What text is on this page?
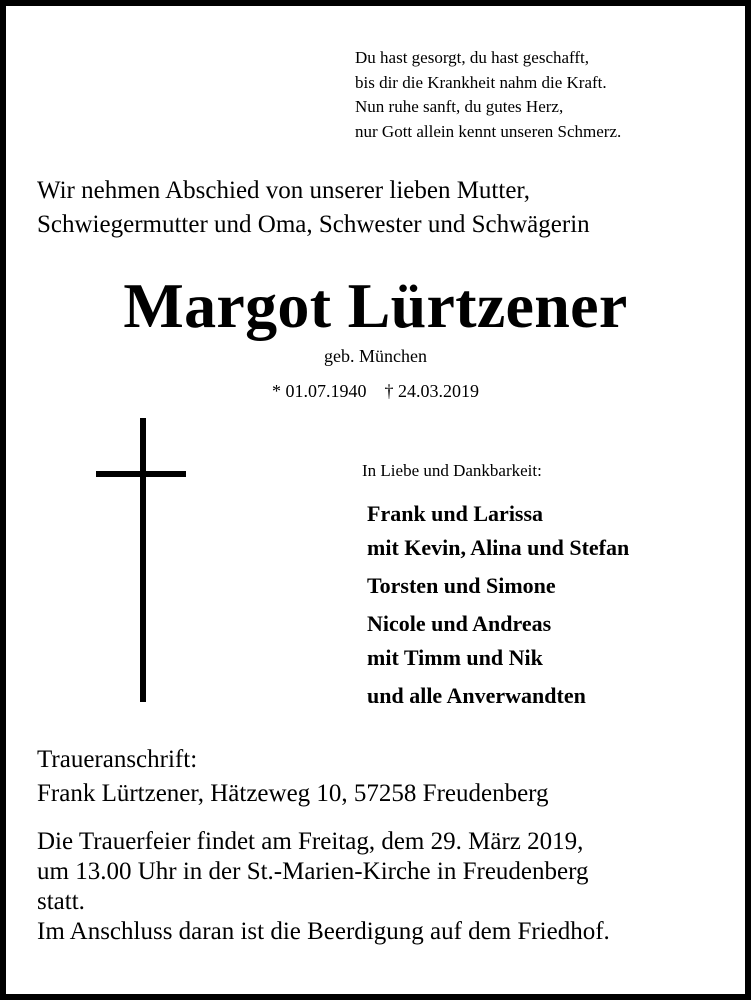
Du hast gesorgt, du hast geschafft,
bis dir die Krankheit nahm die Kraft.
Nun ruhe sanft, du gutes Herz,
nur Gott allein kennt unseren Schmerz.
Wir nehmen Abschied von unserer lieben Mutter,
Schwiegermutter und Oma, Schwester und Schwägerin
Margot Lürtzener
geb. München
* 01.07.1940 † 24.03.2019
In Liebe und Dankbarkeit:
Frank und Larissa
mit Kevin, Alina und Stefan
Torsten und Simone
Nicole und Andreas
mit Timm und Nik
und alle Anverwandten
Traueranschrift:
Frank Lürtzener, Hätzeweg 10, 57258 Freudenberg
Die Trauerfeier findet am Freitag, dem 29. März 2019,
um 13.00 Uhr in der St.-Marien-Kirche in Freudenberg
statt.
Im Anschluss daran ist die Beerdigung auf dem Friedhof.
